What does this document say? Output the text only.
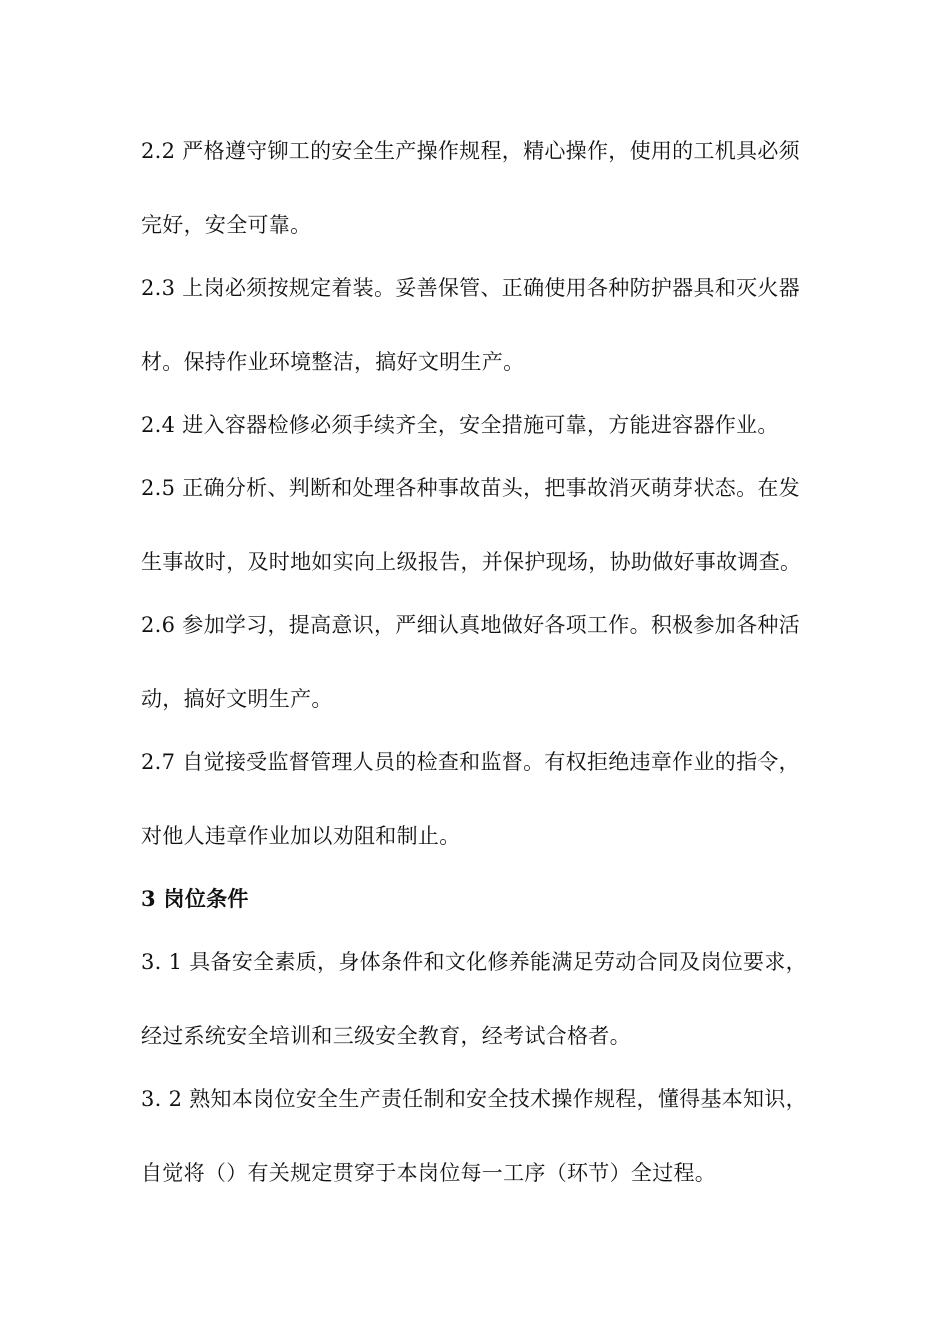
2.2 严格遵守铆工的安全生产操作规程，精心操作，使用的工机具必须
完好，安全可靠。
2.3 上岗必须按规定着装。妥善保管、正确使用各种防护器具和灭火器
材。保持作业环境整洁，搞好文明生产。
2.4 进入容器检修必须手续齐全，安全措施可靠，方能进容器作业。
2.5 正确分析、判断和处理各种事故苗头，把事故消灭萌芽状态。在发
生事故时，及时地如实向上级报告，并保护现场，协助做好事故调查。
2.6 参加学习，提高意识，严细认真地做好各项工作。积极参加各种活
动，搞好文明生产。
2.7 自觉接受监督管理人员的检查和监督。有权拒绝违章作业的指令，
对他人违章作业加以劝阻和制止。
3 岗位条件
3. 1 具备安全素质，身体条件和文化修养能满足劳动合同及岗位要求，
经过系统安全培训和三级安全教育，经考试合格者。
3. 2 熟知本岗位安全生产责任制和安全技术操作规程，懂得基本知识，
自觉将（）有关规定贯穿于本岗位每一工序（环节）全过程。
